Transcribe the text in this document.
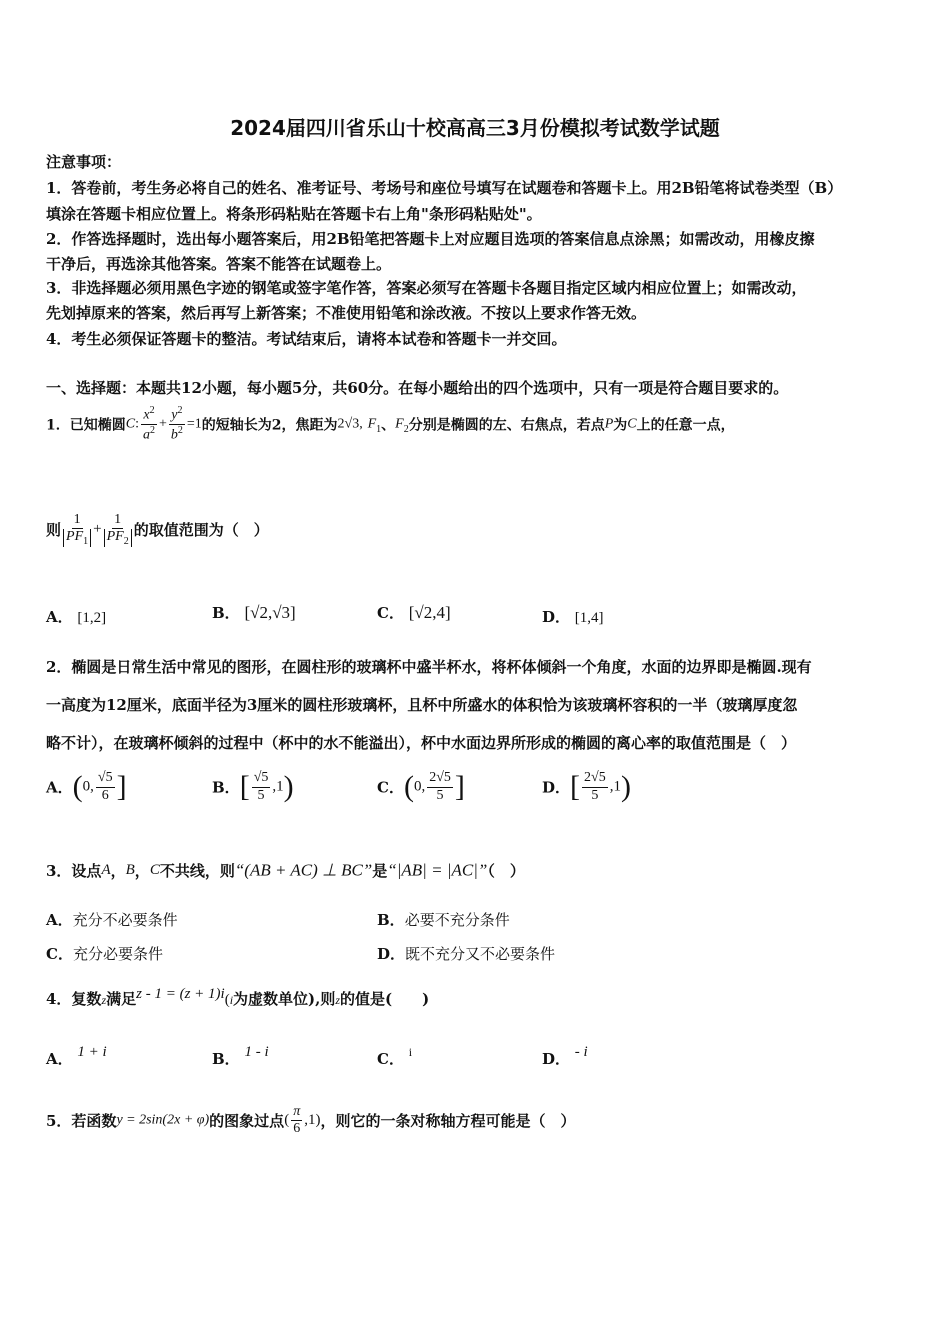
2024届四川省乐山十校高高三3月份模拟考试数学试题
注意事项：
1．答卷前，考生务必将自己的姓名、准考证号、考场号和座位号填写在试题卷和答题卡上。用2B铅笔将试卷类型（B）
填涂在答题卡相应位置上。将条形码粘贴在答题卡右上角"条形码粘贴处"。
2．作答选择题时，选出每小题答案后，用2B铅笔把答题卡上对应题目选项的答案信息点涂黑；如需改动，用橡皮擦
干净后，再选涂其他答案。答案不能答在试题卷上。
3．非选择题必须用黑色字迹的钢笔或签字笔作答，答案必须写在答题卡各题目指定区域内相应位置上；如需改动，
先划掉原来的答案，然后再写上新答案；不准使用铅笔和涂改液。不按以上要求作答无效。
4．考生必须保证答题卡的整洁。考试结束后，请将本试卷和答题卡一并交回。
一、选择题：本题共12小题，每小题5分，共60分。在每小题给出的四个选项中，只有一项是符合题目要求的。
1．已知椭圆C: $\frac{x^2}{a^2} + \frac{y^2}{b^2} =1$的短轴长为2，焦距为2√3, $F_1$、$F_2$分别是椭圆的左、右焦点，若点P为C上的任意一点，
则 $\frac{1}{PF_1} + \frac{1}{PF_2}$ 的取值范围为（　）
A． [1,2]	B． [√2,√3]	C． [√2,4]	D． [1,4]
2．椭圆是日常生活中常见的图形，在圆柱形的玻璃杯中盛半杯水，将杯体倾斜一个角度，水面的边界即是椭圆.现有
一高度为12厘米，底面半径为3厘米的圆柱形玻璃杯，且杯中所盛水的体积恰为该玻璃杯容积的一半（玻璃厚度忽
略不计），在玻璃杯倾斜的过程中（杯中的水不能溢出），杯中水面边界所形成的椭圆的离心率的取值范围是（　）
A．(0, $\frac{√5}{6}$ ]	B．[ $\frac{√5}{5} ,1$)	C．(0, $\frac{2√5}{5}$ ]	D．[ $\frac{2√5}{5} ,1$)
3．设点A，B，C不共线，则“(AB + AC) ⊥ BC”是“|AB| = |AC|”（　）
A．充分不必要条件	B．必要不充分条件
C．充分必要条件	D．既不充分又不必要条件
4．复数z满足z - 1 = (z + 1)i(i为虚数单位),则z的值是(　　)
A． 1 + i	B． 1 - i	C． i	D． - i
5．若函数y = 2sin(2x + φ)的图象过点( $\frac{\pi}{6} ,1$)，则它的一条对称轴方程可能是（　）
